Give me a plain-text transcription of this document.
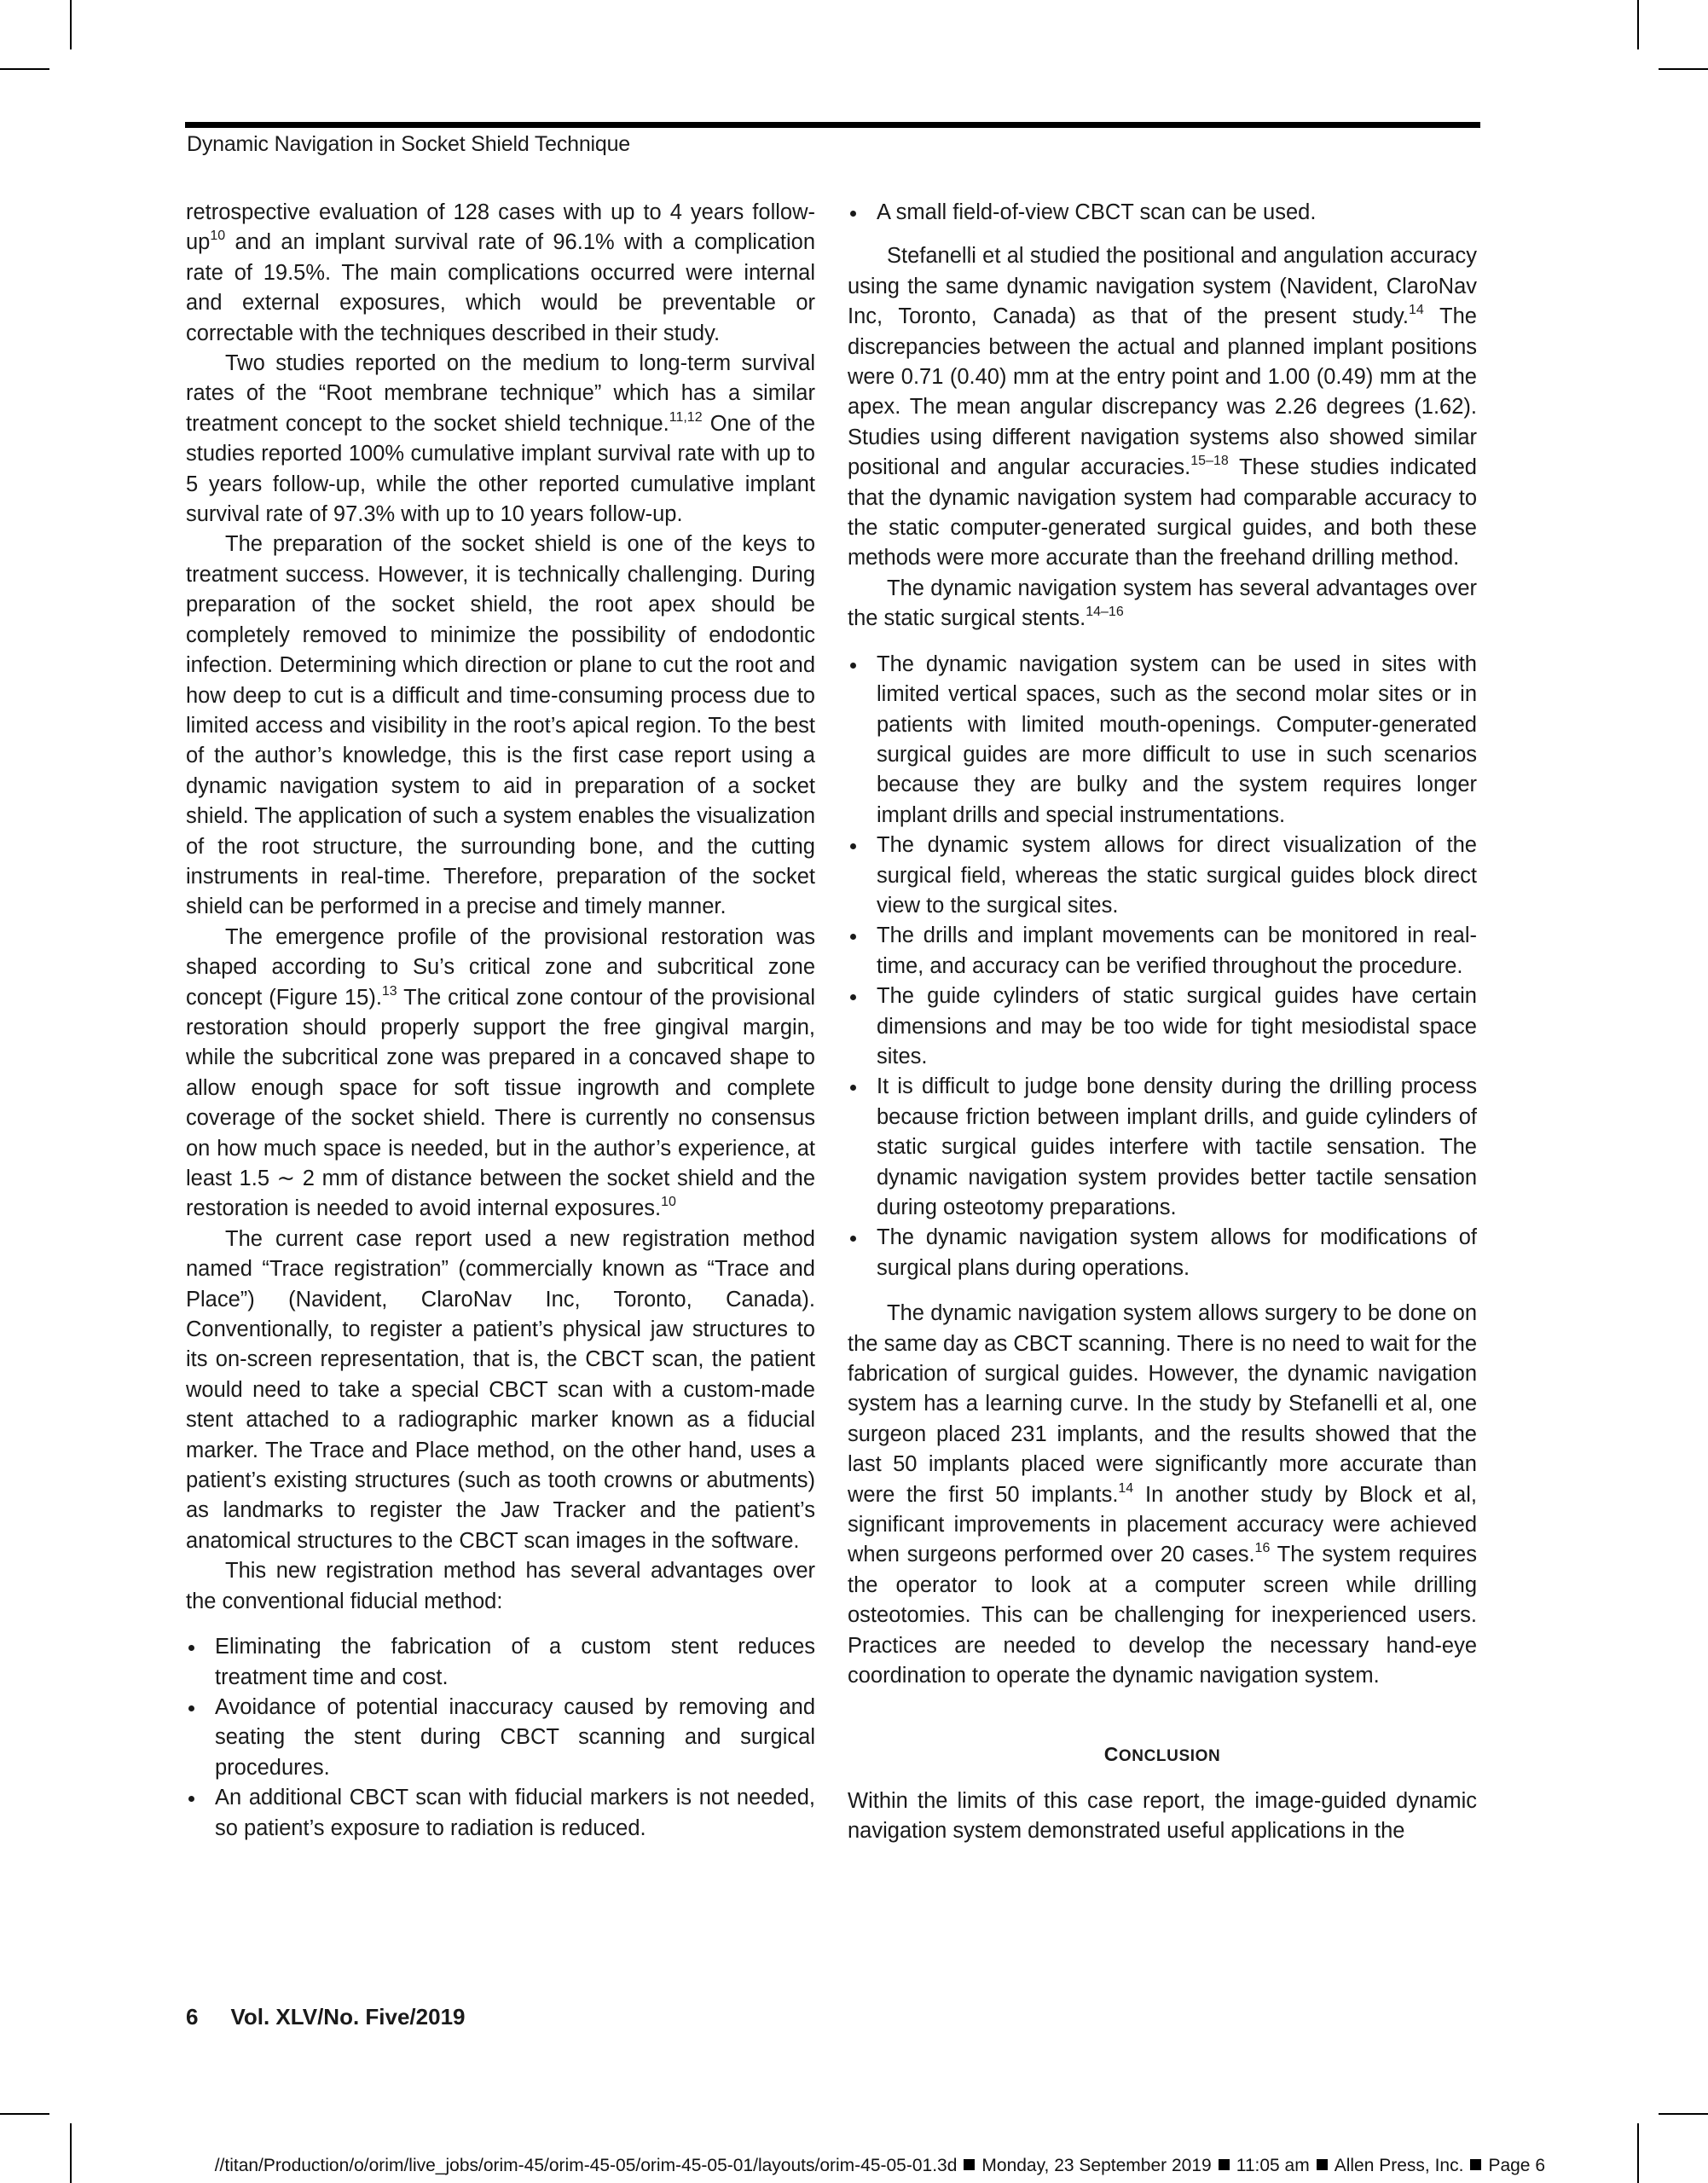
Dynamic Navigation in Socket Shield Technique

retrospective evaluation of 128 cases with up to 4 years follow-$up^{10}$ and an implant survival rate of 96.1% with a complication rate of 19.5%. The main complications occurred were internal and external exposures, which would be preventable or correctable with the techniques described in their study.

Two studies reported on the medium to long-term survival rates of the “Root membrane technique” which has a similar treatment concept to the socket shield technique.$^{11,12}$ One of the studies reported 100% cumulative implant survival rate with up to 5 years follow-up, while the other reported cumulative implant survival rate of 97.3% with up to 10 years follow-up.

The preparation of the socket shield is one of the keys to treatment success. However, it is technically challenging. During preparation of the socket shield, the root apex should be completely removed to minimize the possibility of endodontic infection. Determining which direction or plane to cut the root and how deep to cut is a difficult and time-consuming process due to limited access and visibility in the root’s apical region. To the best of the author’s knowledge, this is the first case report using a dynamic navigation system to aid in preparation of a socket shield. The application of such a system enables the visualization of the root structure, the surrounding bone, and the cutting instruments in real-time. Therefore, preparation of the socket shield can be performed in a precise and timely manner.

The emergence profile of the provisional restoration was shaped according to Su’s critical zone and subcritical zone concept (Figure 15).$^{13}$ The critical zone contour of the provisional restoration should properly support the free gingival margin, while the subcritical zone was prepared in a concaved shape to allow enough space for soft tissue ingrowth and complete coverage of the socket shield. There is currently no consensus on how much space is needed, but in the author’s experience, at least 1.5 ∼ 2 mm of distance between the socket shield and the restoration is needed to avoid internal exposures.$^{10}$

The current case report used a new registration method named “Trace registration” (commercially known as “Trace and Place”) (Navident, ClaroNav Inc, Toronto, Canada). Conventionally, to register a patient’s physical jaw structures to its on-screen representation, that is, the CBCT scan, the patient would need to take a special CBCT scan with a custom-made stent attached to a radiographic marker known as a fiducial marker. The Trace and Place method, on the other hand, uses a patient’s existing structures (such as tooth crowns or abutments) as landmarks to register the Jaw Tracker and the patient’s anatomical structures to the CBCT scan images in the software.

This new registration method has several advantages over the conventional fiducial method:

Eliminating the fabrication of a custom stent reduces treatment time and cost.
Avoidance of potential inaccuracy caused by removing and seating the stent during CBCT scanning and surgical procedures.
An additional CBCT scan with fiducial markers is not needed, so patient’s exposure to radiation is reduced.
A small field-of-view CBCT scan can be used.

Stefanelli et al studied the positional and angulation accuracy using the same dynamic navigation system (Navident, ClaroNav Inc, Toronto, Canada) as that of the present study.$^{14}$ The discrepancies between the actual and planned implant positions were 0.71 (0.40) mm at the entry point and 1.00 (0.49) mm at the apex. The mean angular discrepancy was 2.26 degrees (1.62). Studies using different navigation systems also showed similar positional and angular accuracies.$^{15-18}$ These studies indicated that the dynamic navigation system had comparable accuracy to the static computer-generated surgical guides, and both these methods were more accurate than the freehand drilling method.

The dynamic navigation system has several advantages over the static surgical stents.$^{14-16}$

The dynamic navigation system can be used in sites with limited vertical spaces, such as the second molar sites or in patients with limited mouth-openings. Computer-generated surgical guides are more difficult to use in such scenarios because they are bulky and the system requires longer implant drills and special instrumentations.
The dynamic system allows for direct visualization of the surgical field, whereas the static surgical guides block direct view to the surgical sites.
The drills and implant movements can be monitored in real-time, and accuracy can be verified throughout the procedure.
The guide cylinders of static surgical guides have certain dimensions and may be too wide for tight mesiodistal space sites.
It is difficult to judge bone density during the drilling process because friction between implant drills, and guide cylinders of static surgical guides interfere with tactile sensation. The dynamic navigation system provides better tactile sensation during osteotomy preparations.
The dynamic navigation system allows for modifications of surgical plans during operations.

The dynamic navigation system allows surgery to be done on the same day as CBCT scanning. There is no need to wait for the fabrication of surgical guides. However, the dynamic navigation system has a learning curve. In the study by Stefanelli et al, one surgeon placed 231 implants, and the results showed that the last 50 implants placed were significantly more accurate than were the first 50 implants.$^{14}$ In another study by Block et al, significant improvements in placement accuracy were achieved when surgeons performed over 20 cases.$^{16}$ The system requires the operator to look at a computer screen while drilling osteotomies. This can be challenging for inexperienced users. Practices are needed to develop the necessary hand-eye coordination to operate the dynamic navigation system.

CONCLUSION

Within the limits of this case report, the image-guided dynamic navigation system demonstrated useful applications in the

6 Vol. XLV/No. Five/2019
//titan/Production/o/orim/live_jobs/orim-45/orim-45-05/orim-45-05-01/layouts/orim-45-05-01.3d Monday, 23 September 2019 11:05 am Allen Press, Inc. Page 6
